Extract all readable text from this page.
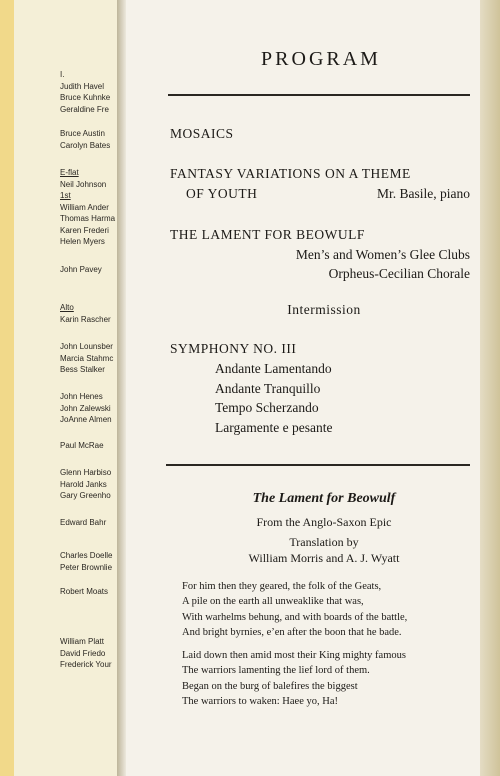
I.
Judith Havel
Bruce Kuhnke
Geraldine Fre
Bruce Austin
Carolyn Bates
E-flat
Neil Johnson
1st
William Ander
Thomas Harma
Karen Frederi
Helen Myers
John Pavey
Alto
Karin Rascher
John Lounsber
Marcia Stahmc
Bess Stalker
John Henes
John Zalewski
JoAnne Almen
Paul McRae
Glenn Harbiso
Harold Janks
Gary Greenho
Edward Bahr
Charles Doelle
Peter Brownlie
Robert Moats
William Platt
David Friedo
Frederick Your
PROGRAM
MOSAICS
FANTASY VARIATIONS ON A THEME
OF YOUTH	Mr. Basile, piano
THE LAMENT FOR BEOWULF
Men’s and Women’s Glee Clubs
Orpheus-Cecilian Chorale
Intermission
SYMPHONY NO. III
Andante Lamentando
Andante Tranquillo
Tempo Scherzando
Largamente e pesante
The Lament for Beowulf
From the Anglo-Saxon Epic
Translation by
William Morris and A. J. Wyatt
For him then they geared, the folk of the Geats,
A pile on the earth all unweaklike that was,
With warhelms behung, and with boards of the battle,
And bright byrnies, e’en after the boon that he bade.
Laid down then amid most their King mighty famous
The warriors lamenting the lief lord of them.
Began on the burg of balefires the biggest
The warriors to waken: Haee yo, Ha!
